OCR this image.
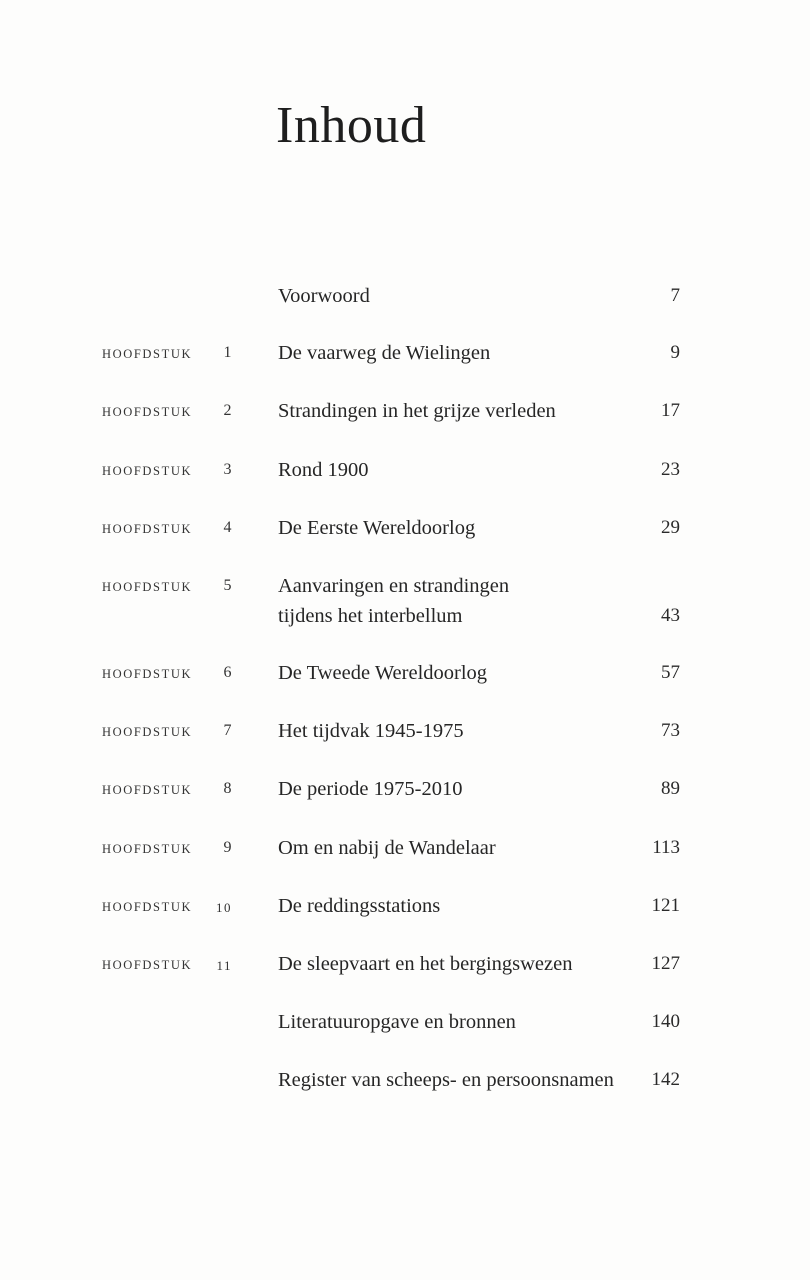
Inhoud
Voorwoord	7
HOOFDSTUK 1 De vaarweg de Wielingen	9
HOOFDSTUK 2 Strandingen in het grijze verleden	17
HOOFDSTUK 3 Rond 1900	23
HOOFDSTUK 4 De Eerste Wereldoorlog	29
HOOFDSTUK 5 Aanvaringen en strandingen tijdens het interbellum	43
HOOFDSTUK 6 De Tweede Wereldoorlog	57
HOOFDSTUK 7 Het tijdvak 1945-1975	73
HOOFDSTUK 8 De periode 1975-2010	89
HOOFDSTUK 9 Om en nabij de Wandelaar	113
HOOFDSTUK 10 De reddingsstations	121
HOOFDSTUK 11 De sleepvaart en het bergingswezen	127
Literatuuropgave en bronnen	140
Register van scheeps- en persoonsnamen	142
